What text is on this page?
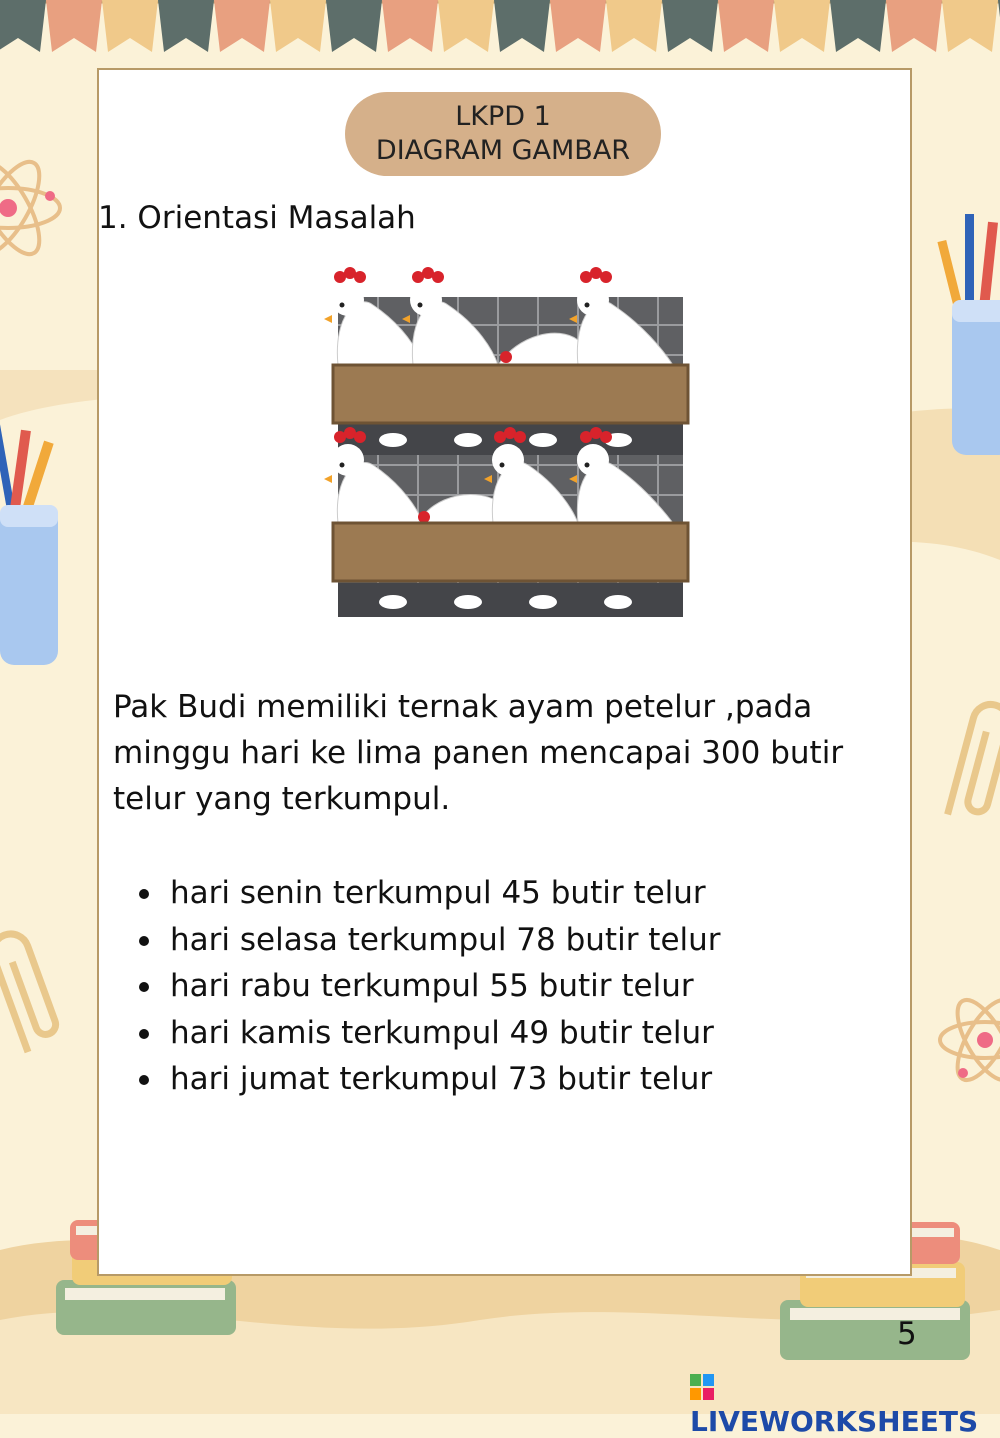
LKPD 1
DIAGRAM GAMBAR
1. Orientasi Masalah

Pak Budi memiliki ternak ayam petelur ,pada minggu hari ke lima panen mencapai 300 butir telur yang terkumpul.

hari senin terkumpul 45 butir telur
hari selasa terkumpul 78 butir telur
hari rabu terkumpul 55 butir telur
hari kamis terkumpul 49 butir telur
hari jumat terkumpul 73 butir telur
5
LIVEWORKSHEETS
